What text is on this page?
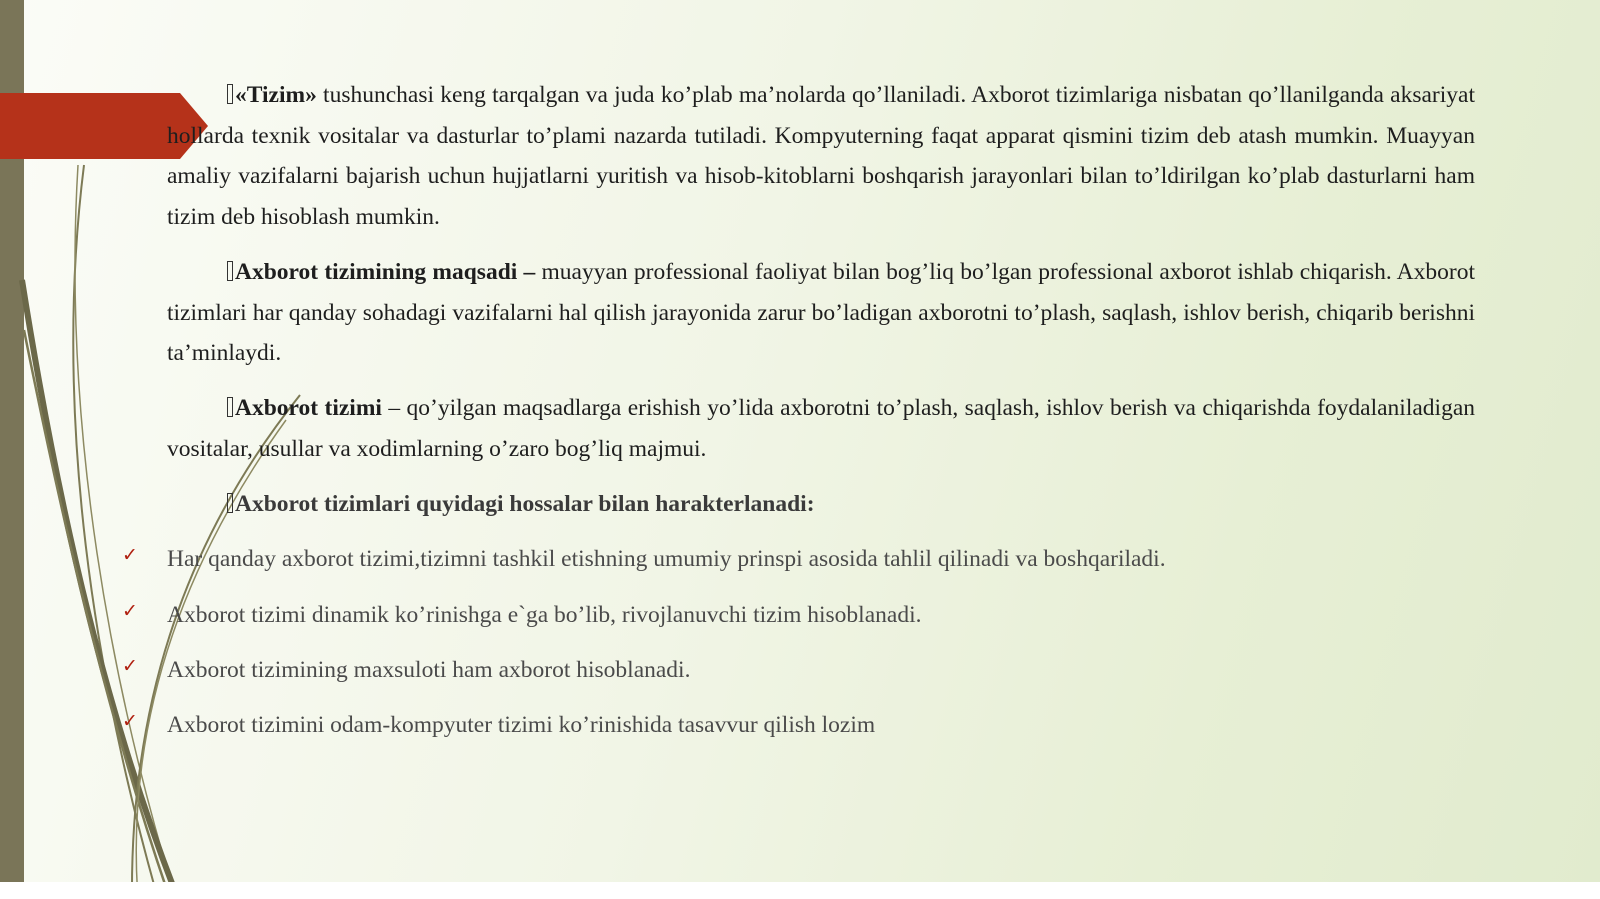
«Tizim» tushunchasi keng tarqalgan va juda ko’plab ma’nolarda qo’llaniladi. Axborot tizimlariga nisbatan qo’llanilganda aksariyat hollarda texnik vositalar va dasturlar to’plami nazarda tutiladi. Kompyuterning faqat apparat qismini tizim deb atash mumkin. Muayyan amaliy vazifalarni bajarish uchun hujjatlarni yuritish va hisob-kitoblarni boshqarish jarayonlari bilan to’ldirilgan ko’plab dasturlarni ham tizim deb hisoblash mumkin.

Axborot tizimining maqsadi – muayyan professional faoliyat bilan bog’liq bo’lgan professional axborot ishlab chiqarish. Axborot tizimlari har qanday sohadagi vazifalarni hal qilish jarayonida zarur bo’ladigan axborotni to’plash, saqlash, ishlov berish, chiqarib berishni ta’minlaydi.

Axborot tizimi – qo’yilgan maqsadlarga erishish yo’lida axborotni to’plash, saqlash, ishlov berish va chiqarishda foydalaniladigan vositalar, usullar va xodimlarning o’zaro bog’liq majmui.

Axborot tizimlari quyidagi hossalar bilan harakterlanadi:

✓ Har qanday axborot tizimi,tizimni tashkil etishning umumiy prinspi asosida tahlil qilinadi va boshqariladi.
✓ Axborot tizimi dinamik ko’rinishga e`ga bo’lib, rivojlanuvchi tizim hisoblanadi.
✓ Axborot tizimining maxsuloti ham axborot hisoblanadi.
✓ Axborot tizimini odam-kompyuter tizimi ko’rinishida tasavvur qilish lozim
